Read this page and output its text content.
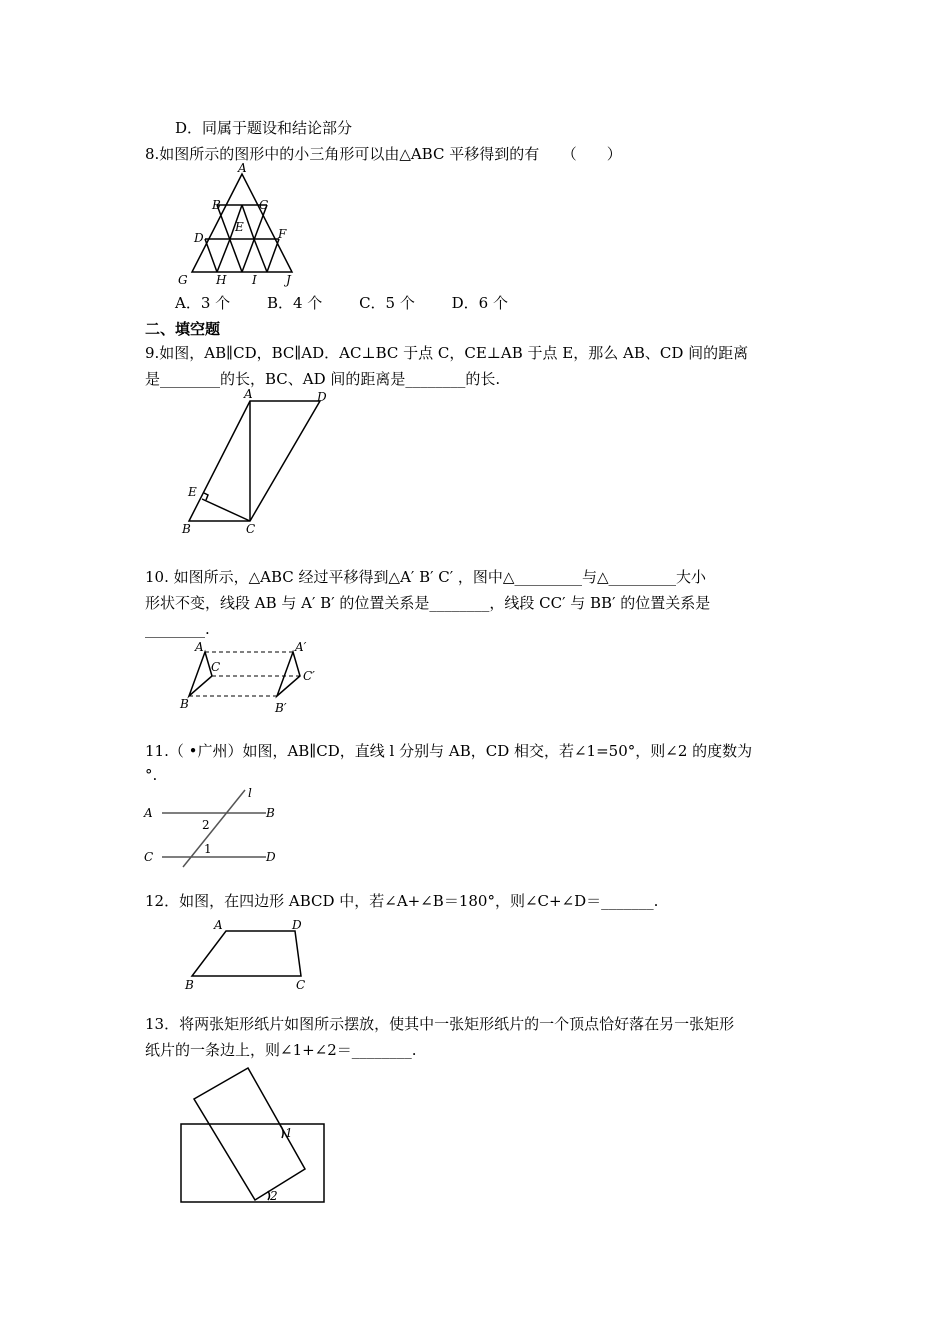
D．同属于题设和结论部分
8.如图所示的图形中的小三角形可以由△ABC 平移得到的有　　（　　）
A
B	C
E
D	F
G H I J
A．3 个 B．4 个 C．5 个 D．6 个
二、填空题
9.如图，AB∥CD，BC∥AD．AC⊥BC 于点 C，CE⊥AB 于点 E，那么 AB、CD 间的距离
是________的长，BC、AD 间的距离是________的长.
A	D
E
B	C
10. 如图所示，△ABC 经过平移得到△A′ B′ C′ ，图中△_________与△_________大小
形状不变，线段 AB 与 A′ B′ 的位置关系是________，线段 CC′ 与 BB′ 的位置关系是
________.
A
C
B
A′
C′
B′
11.（ •广州）如图，AB∥CD，直线 l 分别与 AB，CD 相交，若∠1=50°，则∠2 的度数为
°.
A	B
C	D
l
2
1
12．如图，在四边形 ABCD 中，若∠A+∠B＝180°，则∠C+∠D＝_______.
A	D
B	C
13．将两张矩形纸片如图所示摆放，使其中一张矩形纸片的一个顶点恰好落在另一张矩形
纸片的一条边上，则∠1+∠2＝________.
1
2
